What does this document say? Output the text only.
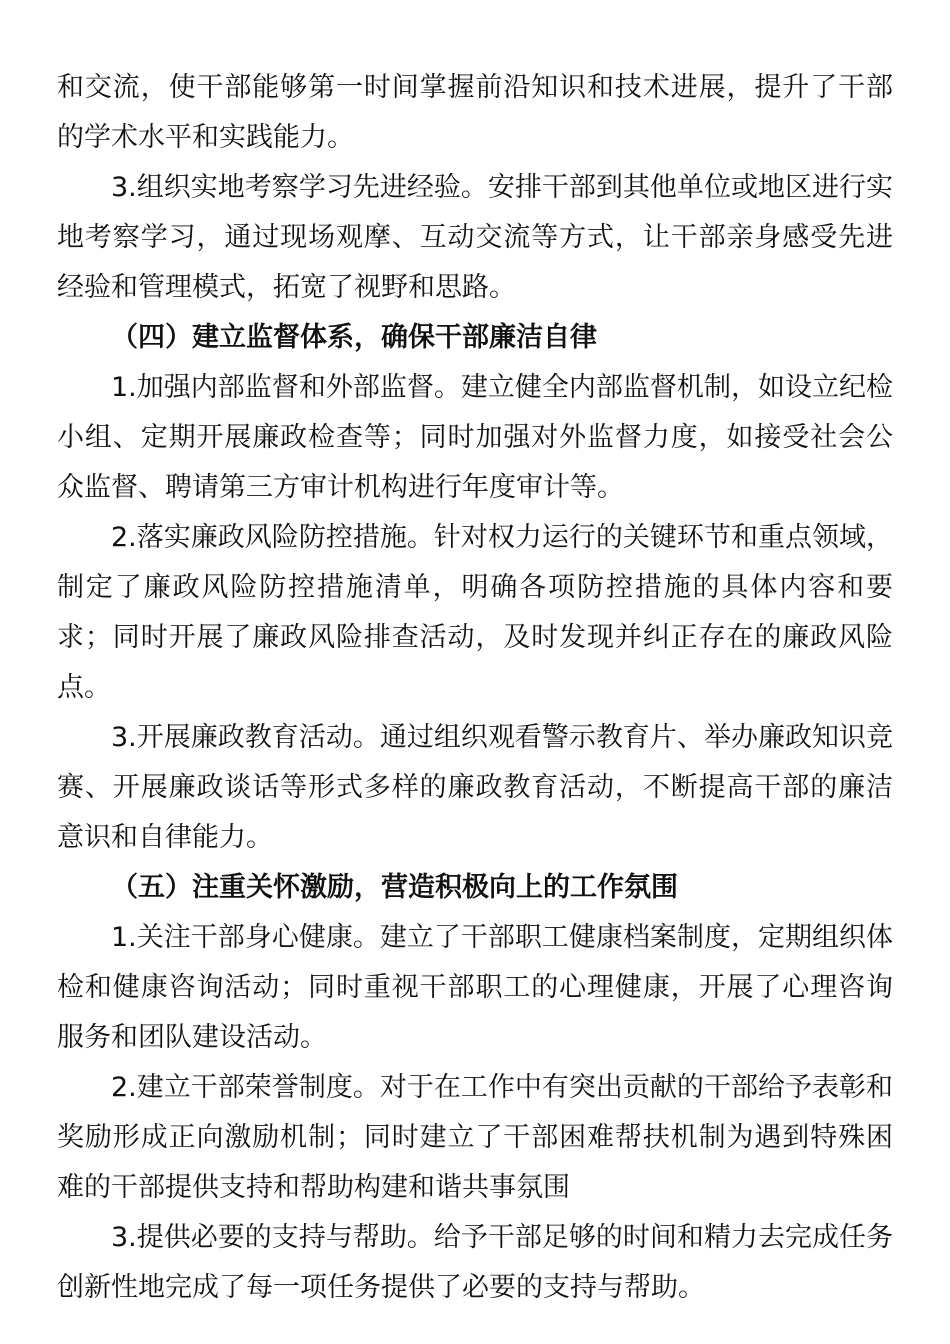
和交流，使干部能够第一时间掌握前沿知识和技术进展，提升了干部的学术水平和实践能力。

3.组织实地考察学习先进经验。安排干部到其他单位或地区进行实地考察学习，通过现场观摩、互动交流等方式，让干部亲身感受先进经验和管理模式，拓宽了视野和思路。

（四）建立监督体系，确保干部廉洁自律

1.加强内部监督和外部监督。建立健全内部监督机制，如设立纪检小组、定期开展廉政检查等；同时加强对外监督力度，如接受社会公众监督、聘请第三方审计机构进行年度审计等。

2.落实廉政风险防控措施。针对权力运行的关键环节和重点领域，制定了廉政风险防控措施清单，明确各项防控措施的具体内容和要求；同时开展了廉政风险排查活动，及时发现并纠正存在的廉政风险点。

3.开展廉政教育活动。通过组织观看警示教育片、举办廉政知识竞赛、开展廉政谈话等形式多样的廉政教育活动，不断提高干部的廉洁意识和自律能力。

（五）注重关怀激励，营造积极向上的工作氛围

1.关注干部身心健康。建立了干部职工健康档案制度，定期组织体检和健康咨询活动；同时重视干部职工的心理健康，开展了心理咨询服务和团队建设活动。

2.建立干部荣誉制度。对于在工作中有突出贡献的干部给予表彰和奖励形成正向激励机制；同时建立了干部困难帮扶机制为遇到特殊困难的干部提供支持和帮助构建和谐共事氛围

3.提供必要的支持与帮助。给予干部足够的时间和精力去完成任务创新性地完成了每一项任务提供了必要的支持与帮助。
